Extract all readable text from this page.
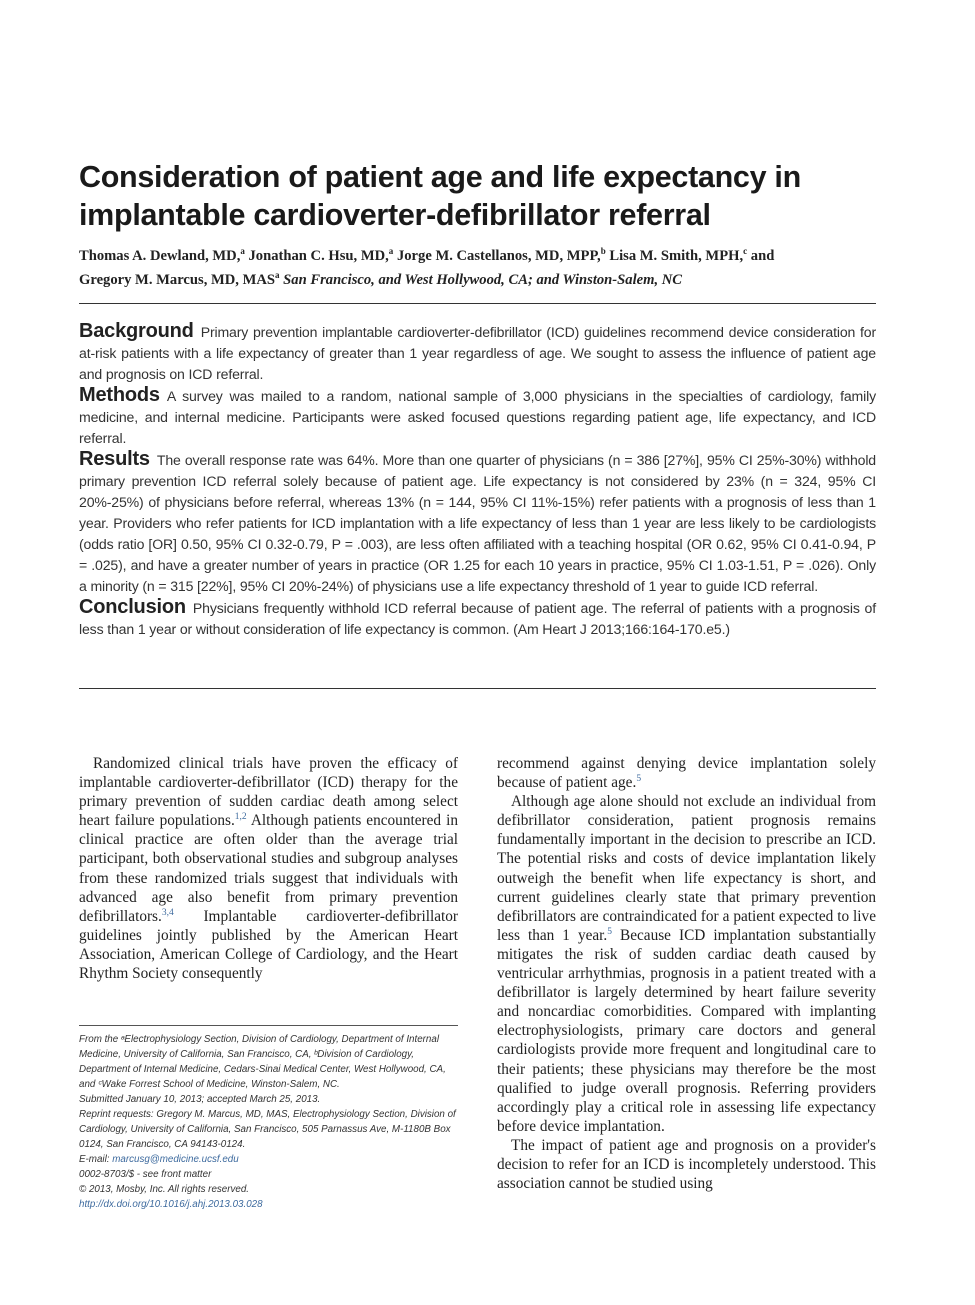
Consideration of patient age and life expectancy in implantable cardioverter-defibrillator referral
Thomas A. Dewland, MD,$^a$ Jonathan C. Hsu, MD,$^a$ Jorge M. Castellanos, MD, MPP,$^b$ Lisa M. Smith, MPH,$^c$ and
Gregory M. Marcus, MD, MAS$^a$ San Francisco, and West Hollywood, CA; and Winston-Salem, NC

Background Primary prevention implantable cardioverter-defibrillator (ICD) guidelines recommend device consideration for at-risk patients with a life expectancy of greater than 1 year regardless of age. We sought to assess the influence of patient age and prognosis on ICD referral.

Methods A survey was mailed to a random, national sample of 3,000 physicians in the specialties of cardiology, family medicine, and internal medicine. Participants were asked focused questions regarding patient age, life expectancy, and ICD referral.

Results The overall response rate was 64%. More than one quarter of physicians (n = 386 [27%], 95% CI 25%-30%) withhold primary prevention ICD referral solely because of patient age. Life expectancy is not considered by 23% (n = 324, 95% CI 20%-25%) of physicians before referral, whereas 13% (n = 144, 95% CI 11%-15%) refer patients with a prognosis of less than 1 year. Providers who refer patients for ICD implantation with a life expectancy of less than 1 year are less likely to be cardiologists (odds ratio [OR] 0.50, 95% CI 0.32-0.79, P = .003), are less often affiliated with a teaching hospital (OR 0.62, 95% CI 0.41-0.94, P = .025), and have a greater number of years in practice (OR 1.25 for each 10 years in practice, 95% CI 1.03-1.51, P = .026). Only a minority (n = 315 [22%], 95% CI 20%-24%) of physicians use a life expectancy threshold of 1 year to guide ICD referral.

Conclusion Physicians frequently withhold ICD referral because of patient age. The referral of patients with a prognosis of less than 1 year or without consideration of life expectancy is common. (Am Heart J 2013;166:164-170.e5.)

Randomized clinical trials have proven the efficacy of implantable cardioverter-defibrillator (ICD) therapy for the primary prevention of sudden cardiac death among select heart failure populations.$^{1,2}$ Although patients encountered in clinical practice are often older than the average trial participant, both observational studies and subgroup analyses from these randomized trials suggest that individuals with advanced age also benefit from primary prevention defibrillators.$^{3,4}$ Implantable cardioverter-defibrillator guidelines jointly published by the American Heart Association, American College of Cardiology, and the Heart Rhythm Society consequently

From the ᵃElectrophysiology Section, Division of Cardiology, Department of Internal Medicine, University of California, San Francisco, CA, ᵇDivision of Cardiology, Department of Internal Medicine, Cedars-Sinai Medical Center, West Hollywood, CA, and ᶜWake Forrest School of Medicine, Winston-Salem, NC.
Submitted January 10, 2013; accepted March 25, 2013.
Reprint requests: Gregory M. Marcus, MD, MAS, Electrophysiology Section, Division of Cardiology, University of California, San Francisco, 505 Parnassus Ave, M-1180B Box 0124, San Francisco, CA 94143-0124.
E-mail: marcusg@medicine.ucsf.edu
0002-8703/$ - see front matter
© 2013, Mosby, Inc. All rights reserved.
http://dx.doi.org/10.1016/j.ahj.2013.03.028

recommend against denying device implantation solely because of patient age.$^5$

Although age alone should not exclude an individual from defibrillator consideration, patient prognosis remains fundamentally important in the decision to prescribe an ICD. The potential risks and costs of device implantation likely outweigh the benefit when life expectancy is short, and current guidelines clearly state that primary prevention defibrillators are contraindicated for a patient expected to live less than 1 year.$^5$ Because ICD implantation substantially mitigates the risk of sudden cardiac death caused by ventricular arrhythmias, prognosis in a patient treated with a defibrillator is largely determined by heart failure severity and noncardiac comorbidities. Compared with implanting electrophysiologists, primary care doctors and general cardiologists provide more frequent and longitudinal care to their patients; these physicians may therefore be the most qualified to judge overall prognosis. Referring providers accordingly play a critical role in assessing life expectancy before device implantation.

The impact of patient age and prognosis on a provider's decision to refer for an ICD is incompletely understood. This association cannot be studied using
